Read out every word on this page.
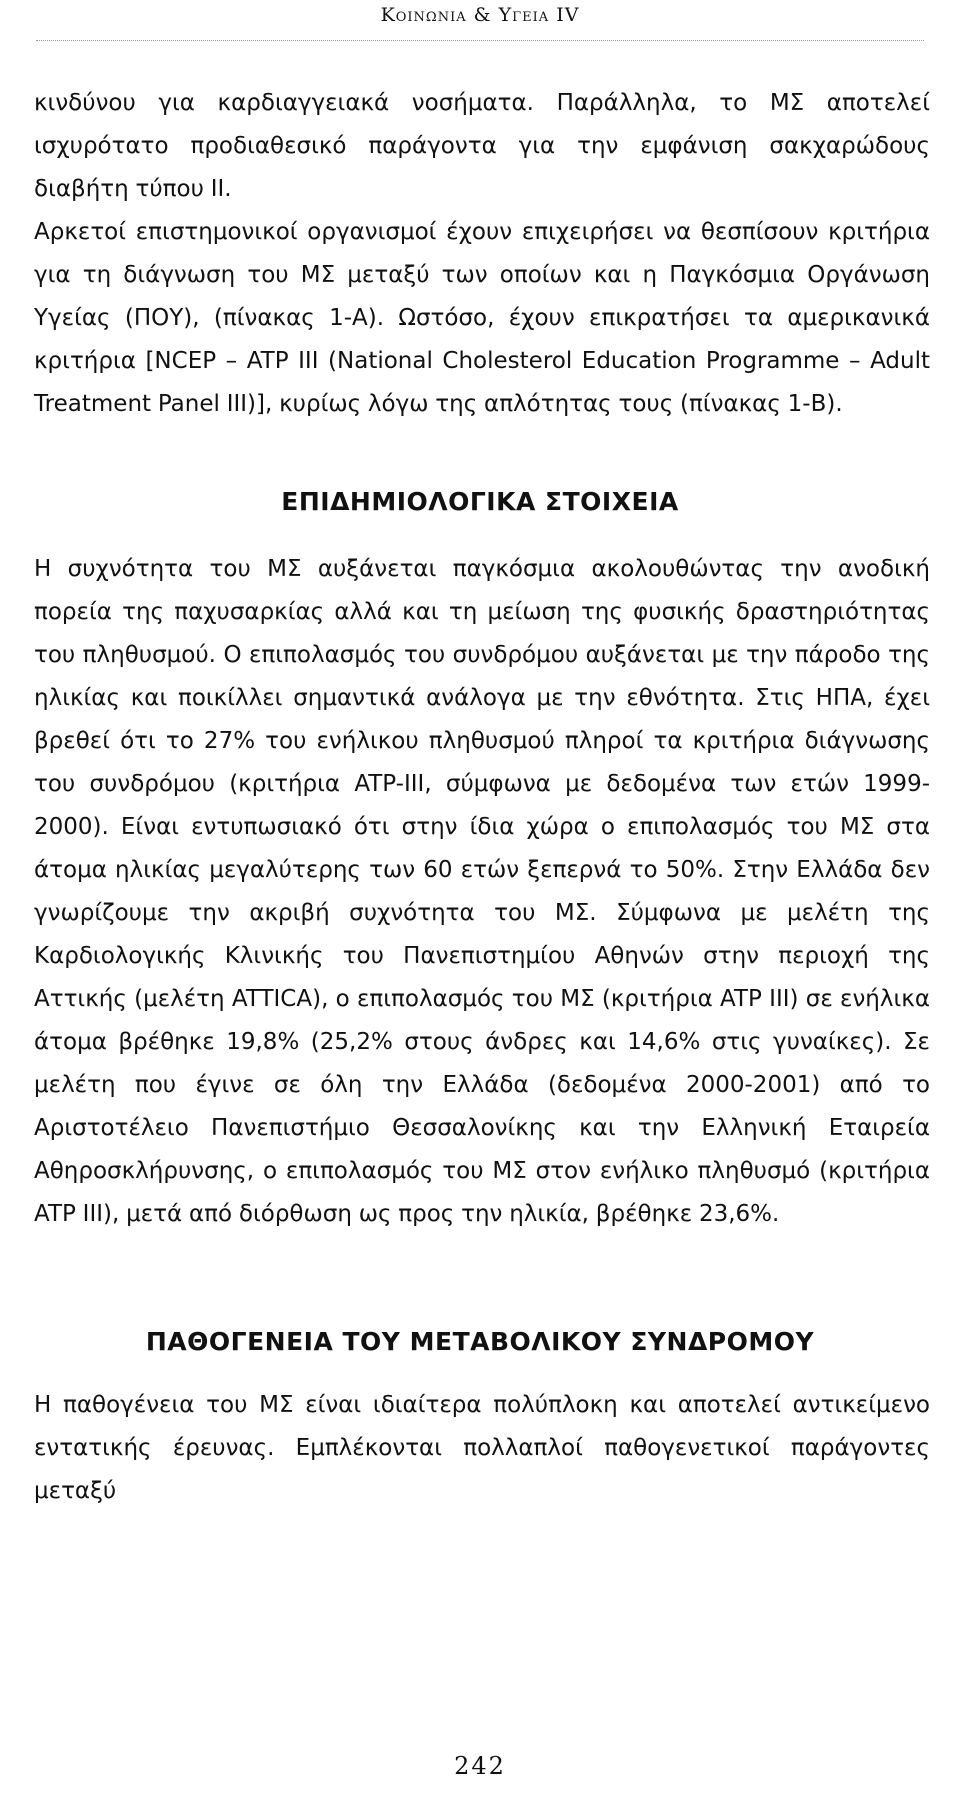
Κοινωνια & Υγεια IV

κινδύνου για καρδιαγγειακά νοσήματα. Παράλληλα, το ΜΣ αποτελεί ισχυρότατο προδιαθεσικό παράγοντα για την εμφάνιση σακχαρώδους διαβήτη τύπου ΙΙ.

Αρκετοί επιστημονικοί οργανισμοί έχουν επιχειρήσει να θεσπίσουν κριτήρια για τη διάγνωση του ΜΣ μεταξύ των οποίων και η Παγκόσμια Οργάνωση Υγείας (ΠΟΥ), (πίνακας 1-Α). Ωστόσο, έχουν επικρατήσει τα αμερικανικά κριτήρια [NCEP – ATP III (National Cholesterol Education Programme – Adult Treatment Panel III)], κυρίως λόγω της απλότητας τους (πίνακας 1-Β).

ΕΠΙΔΗΜΙΟΛΟΓΙΚΑ ΣΤΟΙΧΕΙΑ

Η συχνότητα του ΜΣ αυξάνεται παγκόσμια ακολουθώντας την ανοδική πορεία της παχυσαρκίας αλλά και τη μείωση της φυσικής δραστηριότητας του πληθυσμού. Ο επιπολασμός του συνδρόμου αυξάνεται με την πάροδο της ηλικίας και ποικίλλει σημαντικά ανάλογα με την εθνότητα. Στις ΗΠΑ, έχει βρεθεί ότι το 27% του ενήλικου πληθυσμού πληροί τα κριτήρια διάγνωσης του συνδρόμου (κριτήρια ATP-III, σύμφωνα με δεδομένα των ετών 1999-2000). Είναι εντυπωσιακό ότι στην ίδια χώρα ο επιπολασμός του ΜΣ στα άτομα ηλικίας μεγαλύτερης των 60 ετών ξεπερνά το 50%. Στην Ελλάδα δεν γνωρίζουμε την ακριβή συχνότητα του ΜΣ. Σύμφωνα με μελέτη της Καρδιολογικής Κλινικής του Πανεπιστημίου Αθηνών στην περιοχή της Αττικής (μελέτη ATTICA), ο επιπολασμός του ΜΣ (κριτήρια ATP III) σε ενήλικα άτομα βρέθηκε 19,8% (25,2% στους άνδρες και 14,6% στις γυναίκες). Σε μελέτη που έγινε σε όλη την Ελλάδα (δεδομένα 2000-2001) από το Αριστοτέλειο Πανεπιστήμιο Θεσσαλονίκης και την Ελληνική Εταιρεία Αθηροσκλήρυνσης, ο επιπολασμός του ΜΣ στον ενήλικο πληθυσμό (κριτήρια ATP III), μετά από διόρθωση ως προς την ηλικία, βρέθηκε 23,6%.

ΠΑΘΟΓΕΝΕΙΑ ΤΟΥ ΜΕΤΑΒΟΛΙΚΟΥ ΣΥΝΔΡΟΜΟΥ

Η παθογένεια του ΜΣ είναι ιδιαίτερα πολύπλοκη και αποτελεί αντικείμενο εντατικής έρευνας. Εμπλέκονται πολλαπλοί παθογενετικοί παράγοντες μεταξύ

242
